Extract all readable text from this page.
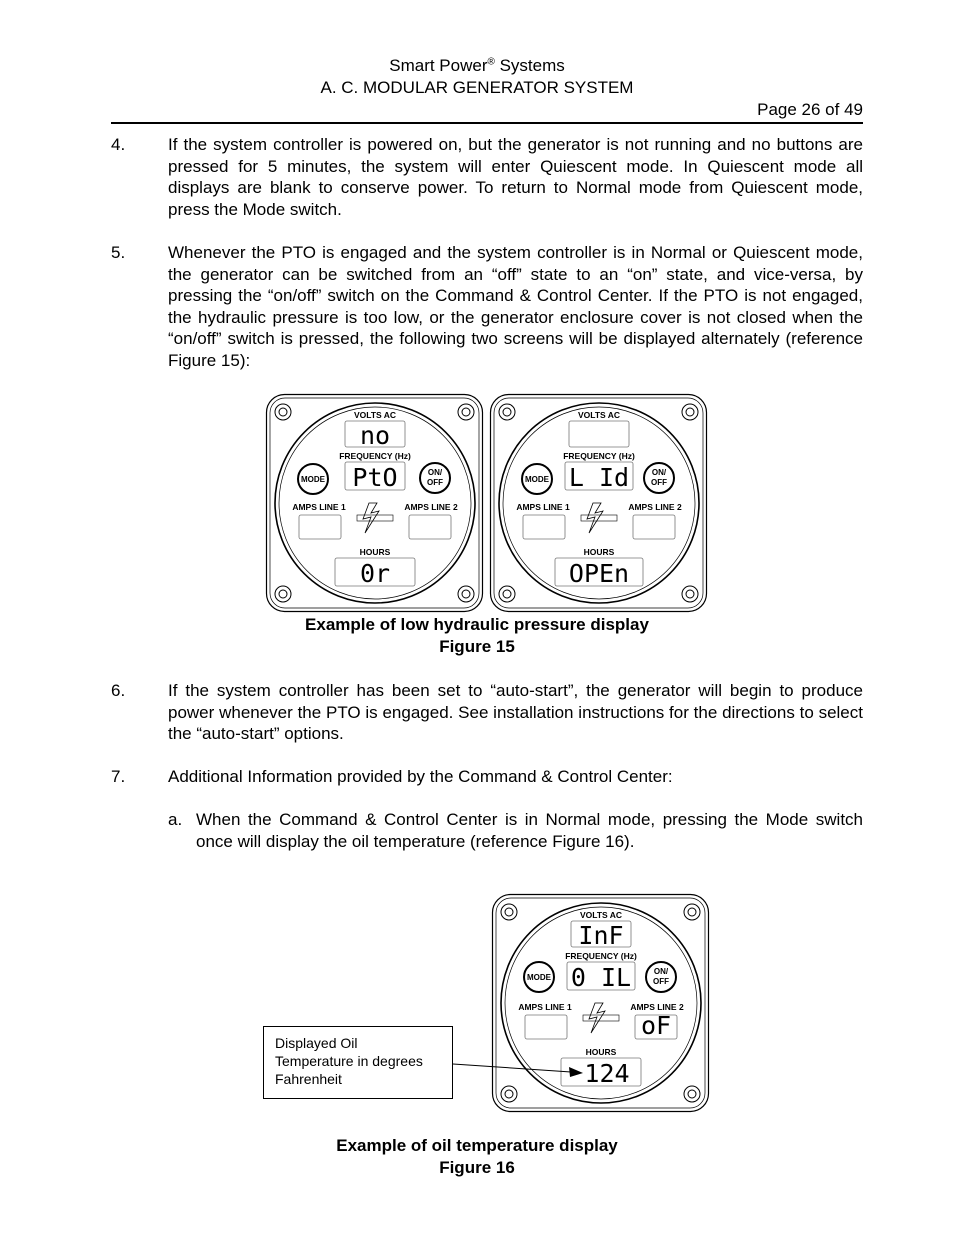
Smart Power® Systems
A. C. MODULAR GENERATOR SYSTEM
Page 26 of 49
4.	If the system controller is powered on, but the generator is not running and no buttons are pressed for 5 minutes, the system will enter Quiescent mode. In Quiescent mode all displays are blank to conserve power. To return to Normal mode from Quiescent mode, press the Mode switch.
5.	Whenever the PTO is engaged and the system controller is in Normal or Quiescent mode, the generator can be switched from an “off” state to an “on” state, and vice-versa, by pressing the “on/off” switch on the Command & Control Center. If the PTO is not engaged, the hydraulic pressure is too low, or the generator enclosure cover is not closed when the “on/off” switch is pressed, the following two screens will be displayed alternately (reference Figure 15):
VOLTS AC
no
FREQUENCY (Hz)
PtO
MODE
ON/
OFF
AMPS LINE 1	AMPS LINE 2
HOURS
0r
VOLTS AC
FREQUENCY (Hz)
L Id
MODE
ON/
OFF
AMPS LINE 1	AMPS LINE 2
HOURS
OPEn
Example of low hydraulic pressure display
Figure 15
6.	If the system controller has been set to “auto-start”, the generator will begin to produce power whenever the PTO is engaged. See installation instructions for the directions to select the “auto-start” options.
7.	Additional Information provided by the Command & Control Center:
a. When the Command & Control Center is in Normal mode, pressing the Mode switch once will display the oil temperature (reference Figure 16).
VOLTS AC
InF
FREQUENCY (Hz)
0 IL
MODE
ON/
OFF
AMPS LINE 1	AMPS LINE 2
oF
HOURS
124
Displayed Oil
Temperature in degrees
Fahrenheit
Example of oil temperature display
Figure 16
